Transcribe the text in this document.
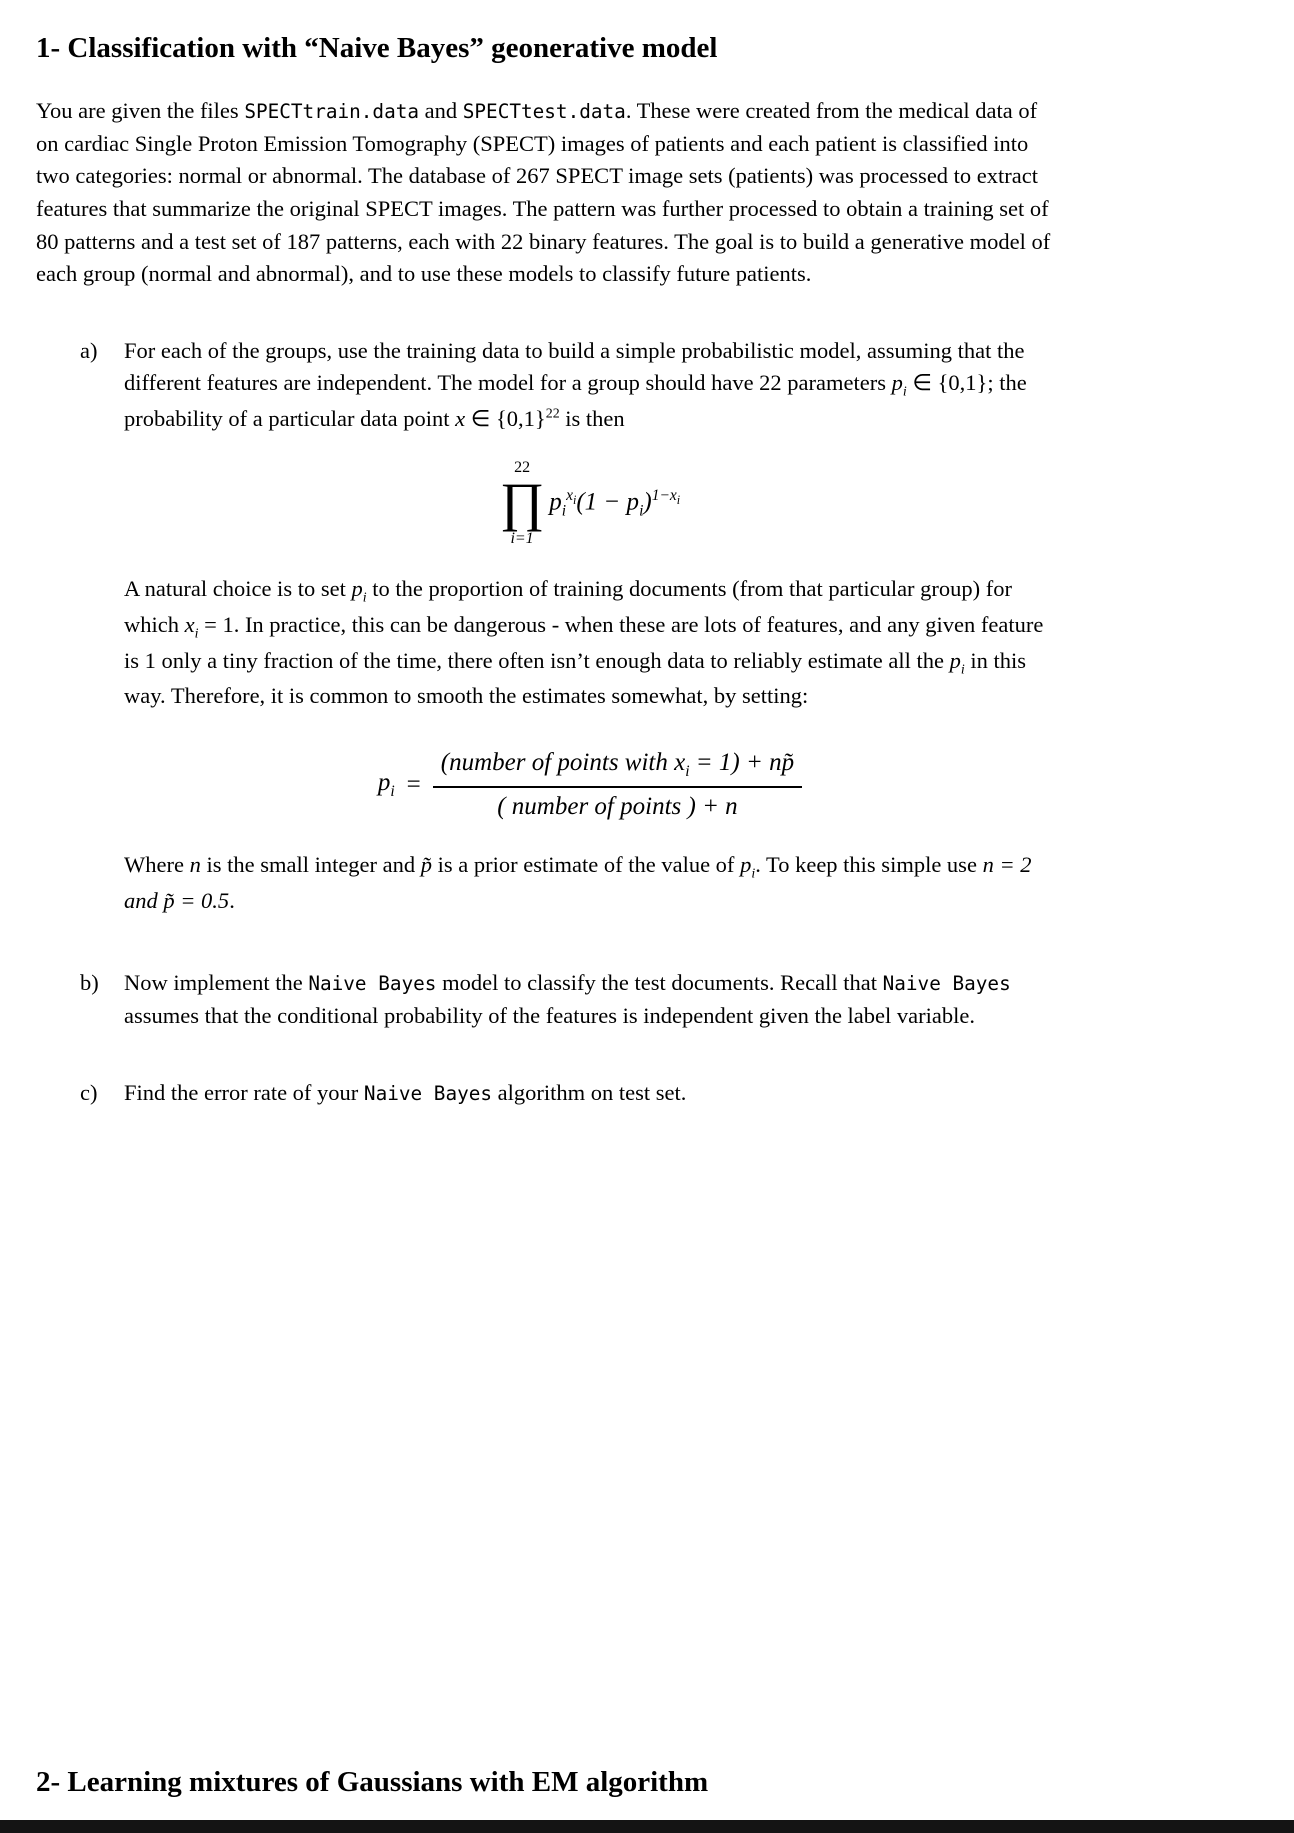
1- Classification with “Naive Bayes” geonerative model

You are given the files SPECTtrain.data and SPECTtest.data. These were created from the medical data of on cardiac Single Proton Emission Tomography (SPECT) images of patients and each patient is classified into two categories: normal or abnormal. The database of 267 SPECT image sets (patients) was processed to extract features that summarize the original SPECT images. The pattern was further processed to obtain a training set of 80 patterns and a test set of 187 patterns, each with 22 binary features. The goal is to build a generative model of each group (normal and abnormal), and to use these models to classify future patients.

a)	For each of the groups, use the training data to build a simple probabilistic model, assuming that the different features are independent. The model for a group should have 22 parameters $p_i$ ∈ {0,1}; the probability of a particular data point x ∈ $\{0,1\}^{22}$ is then

22
∏
i=1
$p_i^{x_i}(1 - p_i)^{1-x_i}$

A natural choice is to set $p_i$ to the proportion of training documents (from that particular group) for which $x_i = 1$. In practice, this can be dangerous - when these are lots of features, and any given feature is 1 only a tiny fraction of the time, there often isn’t enough data to reliably estimate all the $p_i$ in this way. Therefore, it is common to smooth the estimates somewhat, by setting:

$p_i = \frac{(number of points with x_i = 1) + np̃}{\text{( number of points ) + n}}$

Where n is the small integer and p̃ is a prior estimate of the value of $p_i$. To keep this simple use n = 2 and p̃ = 0.5.

b)	Now implement the Naive Bayes model to classify the test documents. Recall that Naive Bayes assumes that the conditional probability of the features is independent given the label variable.

c)	Find the error rate of your Naive Bayes algorithm on test set.

2- Learning mixtures of Gaussians with EM algorithm
